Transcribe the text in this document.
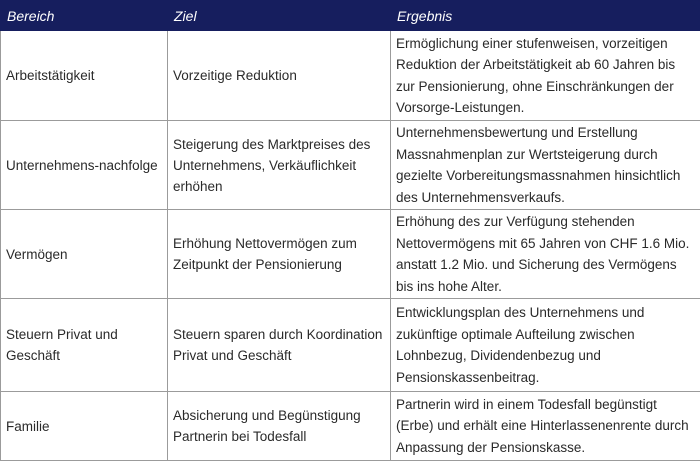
Bereich	Ziel	Ergebnis
Arbeitstätigkeit	Vorzeitige Reduktion	Ermöglichung einer stufenweisen, vorzeitigen Reduktion der Arbeitstätigkeit ab 60 Jahren bis zur Pensionierung, ohne Einschränkungen der Vorsorge-Leistungen.
Unternehmens-nachfolge	Steigerung des Marktpreises des Unternehmens, Verkäuflichkeit erhöhen	Unternehmensbewertung und Erstellung Massnahmenplan zur Wertsteigerung durch gezielte Vorbereitungsmassnahmen hinsichtlich des Unternehmensverkaufs.
Vermögen	Erhöhung Nettovermögen zum Zeitpunkt der Pensionierung	Erhöhung des zur Verfügung stehenden Nettovermögens mit 65 Jahren von CHF 1.6 Mio. anstatt 1.2 Mio. und Sicherung des Vermögens bis ins hohe Alter.
Steuern Privat und Geschäft	Steuern sparen durch Koordination Privat und Geschäft	Entwicklungsplan des Unternehmens und zukünftige optimale Aufteilung zwischen Lohnbezug, Dividendenbezug und Pensionskassenbeitrag.
Familie	Absicherung und Begünstigung Partnerin bei Todesfall	Partnerin wird in einem Todesfall begünstigt (Erbe) und erhält eine Hinterlassenenrente durch Anpassung der Pensionskasse.
